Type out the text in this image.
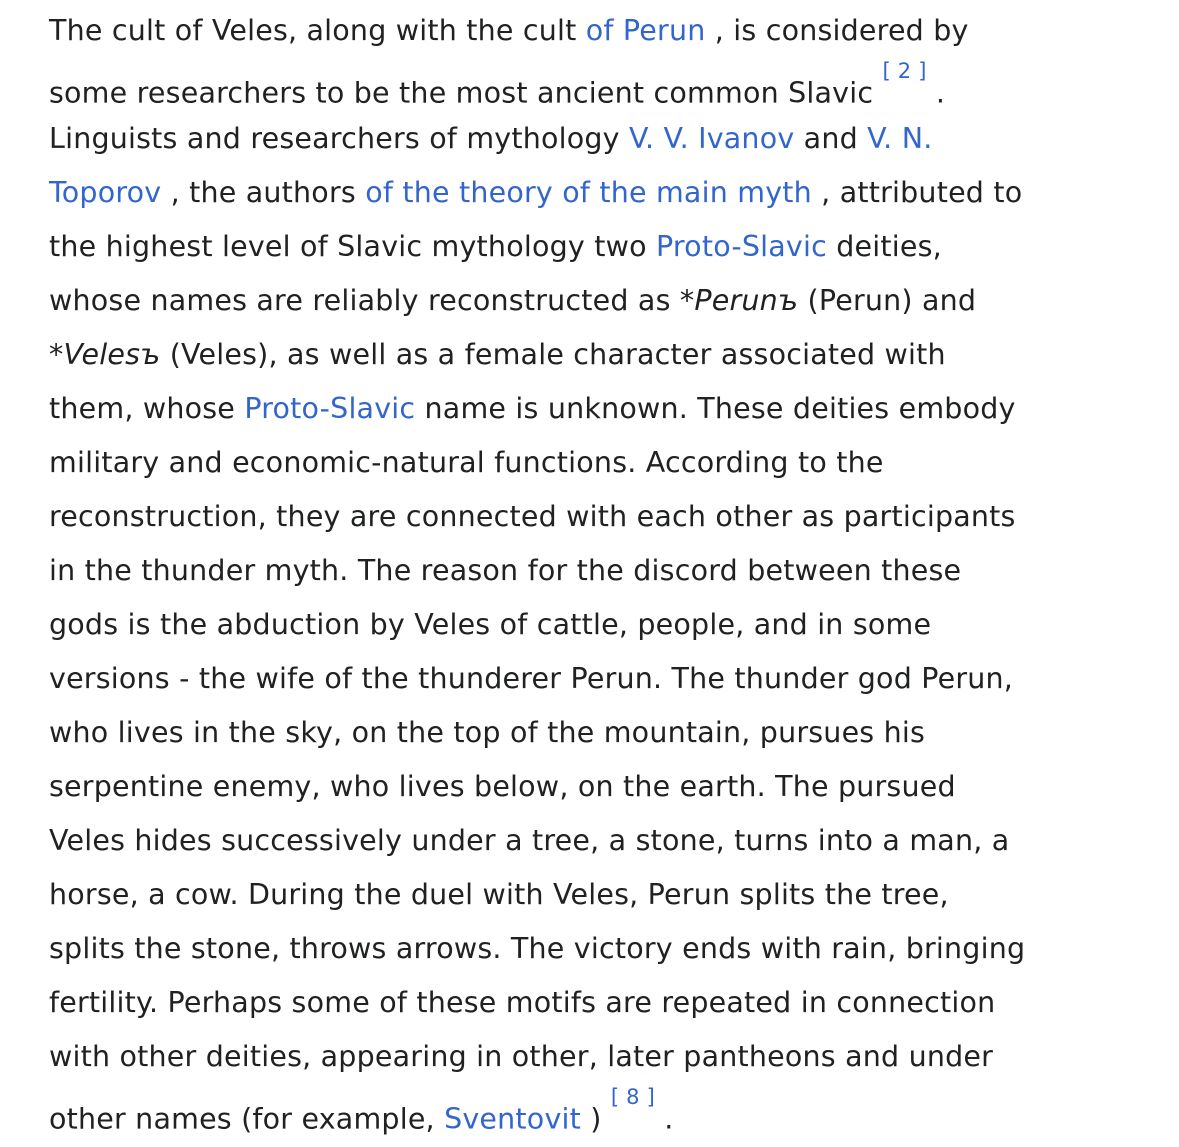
The cult of Veles, along with the cult of Perun , is considered by
some researchers to be the most ancient common Slavic [ 2 ] .
Linguists and researchers of mythology V. V. Ivanov and V. N.
Toporov , the authors of the theory of the main myth , attributed to
the highest level of Slavic mythology two Proto-Slavic deities,
whose names are reliably reconstructed as *Perunъ (Perun) and
*Velesъ (Veles), as well as a female character associated with
them, whose Proto-Slavic name is unknown. These deities embody
military and economic-natural functions. According to the
reconstruction, they are connected with each other as participants
in the thunder myth. The reason for the discord between these
gods is the abduction by Veles of cattle, people, and in some
versions - the wife of the thunderer Perun. The thunder god Perun,
who lives in the sky, on the top of the mountain, pursues his
serpentine enemy, who lives below, on the earth. The pursued
Veles hides successively under a tree, a stone, turns into a man, a
horse, a cow. During the duel with Veles, Perun splits the tree,
splits the stone, throws arrows. The victory ends with rain, bringing
fertility. Perhaps some of these motifs are repeated in connection
with other deities, appearing in other, later pantheons and under
other names (for example, Sventovit ) [ 8 ] .
